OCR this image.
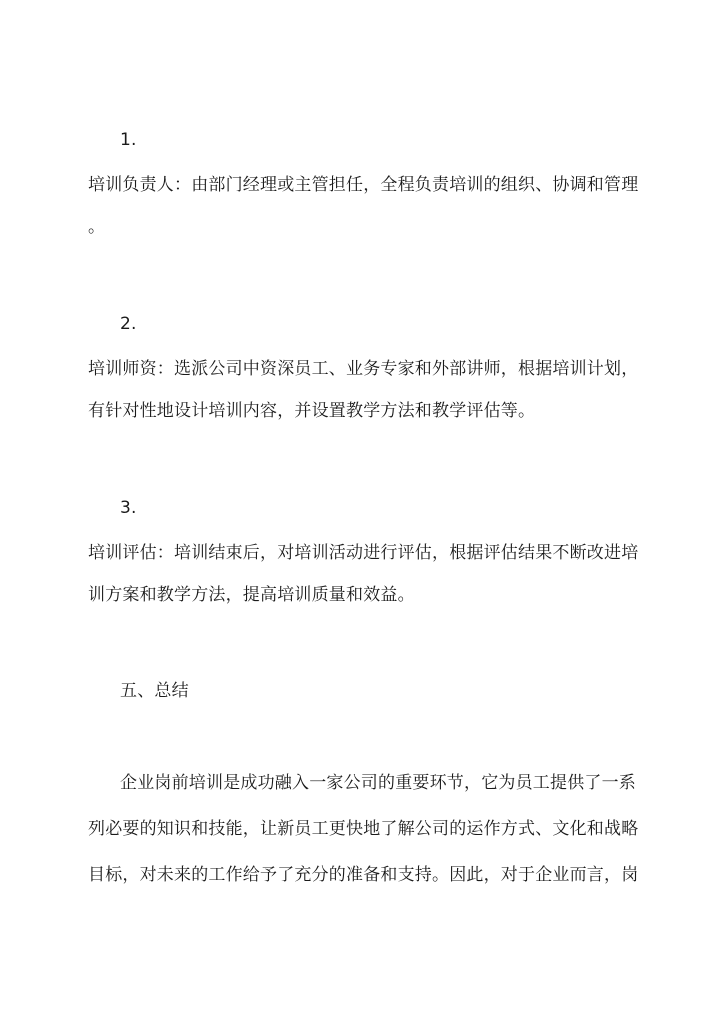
1.
培训负责人：由部门经理或主管担任，全程负责培训的组织、协调和管理
。
2.
培训师资：选派公司中资深员工、业务专家和外部讲师，根据培训计划，
有针对性地设计培训内容，并设置教学方法和教学评估等。
3.
培训评估：培训结束后，对培训活动进行评估，根据评估结果不断改进培
训方案和教学方法，提高培训质量和效益。
五、总结
企业岗前培训是成功融入一家公司的重要环节，它为员工提供了一系
列必要的知识和技能，让新员工更快地了解公司的运作方式、文化和战略
目标，对未来的工作给予了充分的准备和支持。因此，对于企业而言，岗
